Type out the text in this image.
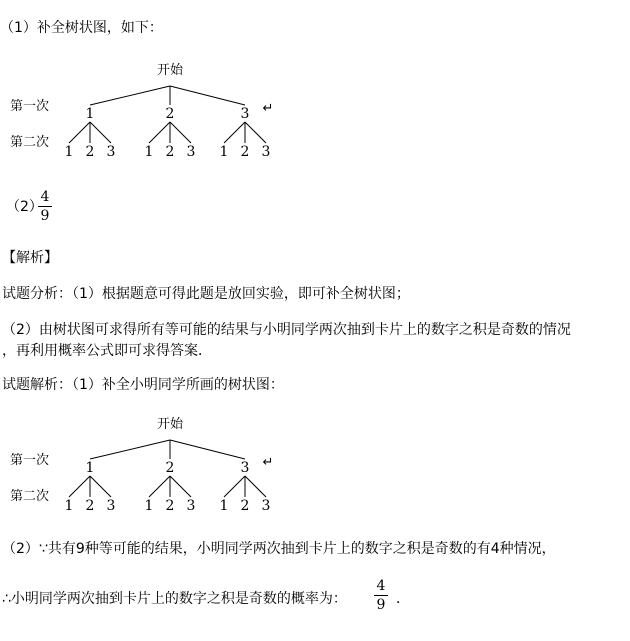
（1）补全树状图，如下：
开始
第一次
第二次
1
1 2 3
2
1 2 3
3
1 2 3
↵
（2）
4
9
【解析】
试题分析：（1）根据题意可得此题是放回实验，即可补全树状图；
（2）由树状图可求得所有等可能的结果与小明同学两次抽到卡片上的数字之积是奇数的情况
，再利用概率公式即可求得答案．
试题解析：（1）补全小明同学所画的树状图：
开始
第一次
第二次
1
1 2 3
2
1 2 3
3
1 2 3
↵
（2）∵共有9种等可能的结果，小明同学两次抽到卡片上的数字之积是奇数的有4种情况，
∴小明同学两次抽到卡片上的数字之积是奇数的概率为：
4
9 ．
